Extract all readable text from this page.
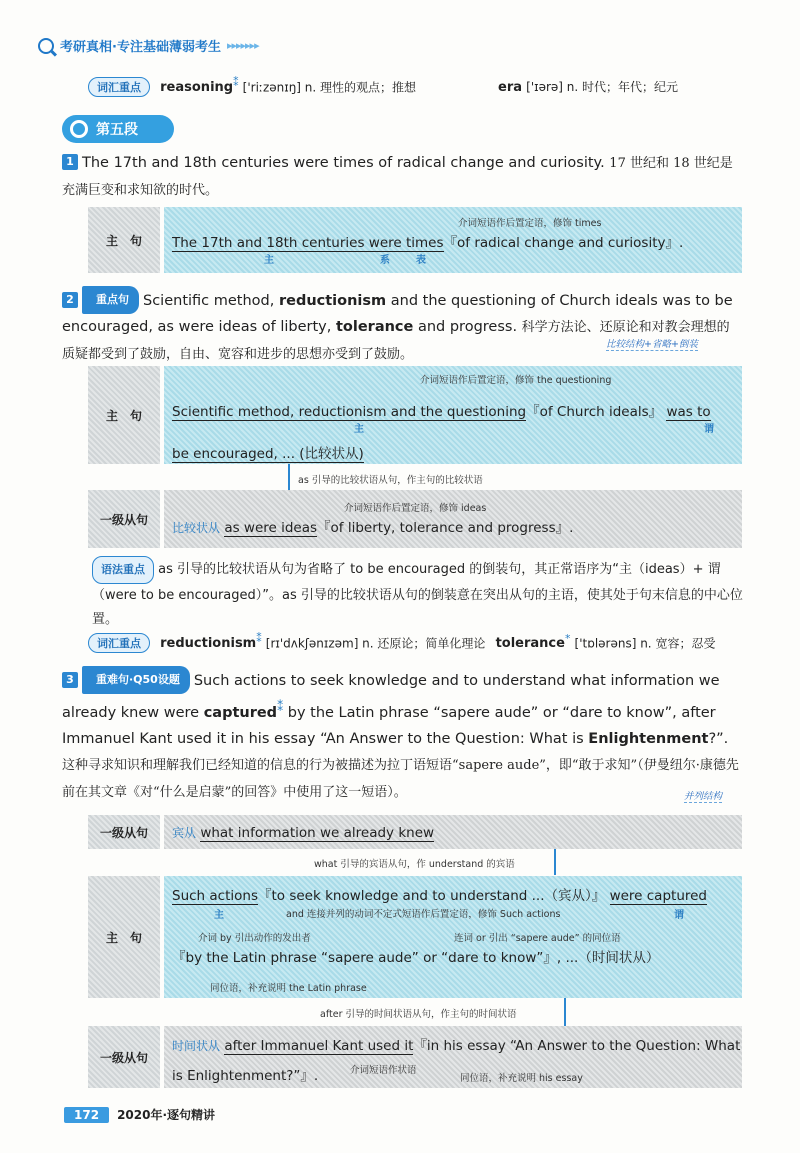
考研真相·专注基础薄弱考生 ▸▸▸▸▸▸▸
词汇重点 reasoning⁑ ['riːzənɪŋ] n. 理性的观点；推想	era ['ɪərə] n. 时代；年代；纪元
第五段
1 The 17th and 18th centuries were times of radical change and curiosity. 17 世纪和 18 世纪是充满巨变和求知欲的时代。
主　句
介词短语作后置定语，修饰 times
The 17th and 18th centuries were times『of radical change and curiosity』.
主	系	表
2 重点句 Scientific method, reductionism and the questioning of Church ideals was to be encouraged, as were ideas of liberty, tolerance and progress. 科学方法论、还原论和对教会理想的质疑都受到了鼓励，自由、宽容和进步的思想亦受到了鼓励。
比较结构+省略+倒装
主　句
介词短语作后置定语，修饰 the questioning
Scientific method, reductionism and the questioning『of Church ideals』 was to
主	谓
be encouraged, ... (比较状从)
as 引导的比较状语从句，作主句的比较状语
一级从句
介词短语作后置定语，修饰 ideas
比较状从 as were ideas『of liberty, tolerance and progress』.
语法重点 as 引导的比较状语从句为省略了 to be encouraged 的倒装句，其正常语序为“主（ideas）+ 谓（were to be encouraged）”。as 引导的比较状语从句的倒装意在突出从句的主语，使其处于句末信息的中心位置。
词汇重点 reductionism⁑ [rɪ'dʌkʃənɪzəm] n. 还原论；简单化理论 tolerance* ['tɒlərəns] n. 宽容；忍受
3 重难句·Q50设题 Such actions to seek knowledge and to understand what information we already knew were captured⁑ by the Latin phrase “sapere aude” or “dare to know”, after Immanuel Kant used it in his essay “An Answer to the Question: What is Enlightenment?”. 这种寻求知识和理解我们已经知道的信息的行为被描述为拉丁语短语“sapere aude”，即“敢于求知”（伊曼纽尔·康德先前在其文章《对“什么是启蒙”的回答》中使用了这一短语）。	并列结构
一级从句 宾从 what information we already knew
what 引导的宾语从句，作 understand 的宾语
主　句
Such actions『to seek knowledge and to understand ...（宾从）』 were captured
主	谓
and 连接并列的动词不定式短语作后置定语，修饰 Such actions
介词 by 引出动作的发出者	连词 or 引出 “sapere aude” 的同位语
『by the Latin phrase “sapere aude” or “dare to know”』, ...（时间状从）
同位语，补充说明 the Latin phrase
after 引导的时间状语从句，作主句的时间状语
一级从句
时间状从 after Immanuel Kant used it『in his essay “An Answer to the Question: What
is Enlightenment?”』.	介词短语作状语
同位语，补充说明 his essay
172	2020年·逐句精讲
